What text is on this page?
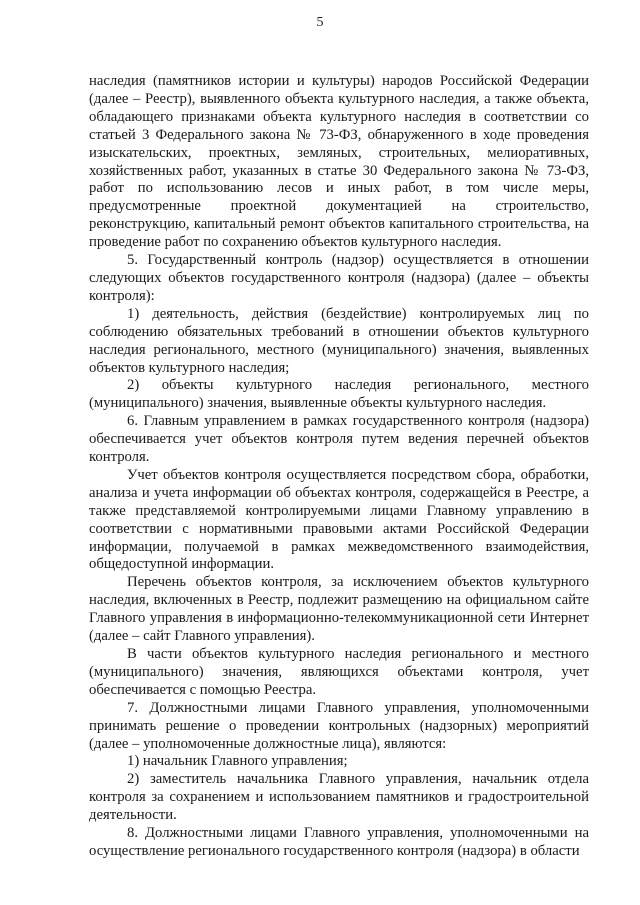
5

наследия (памятников истории и культуры) народов Российской Федерации (далее – Реестр), выявленного объекта культурного наследия, а также объекта, обладающего признаками объекта культурного наследия в соответствии со статьей 3 Федерального закона № 73-ФЗ, обнаруженного в ходе проведения изыскательских, проектных, земляных, строительных, мелиоративных, хозяйственных работ, указанных в статье 30 Федерального закона № 73-ФЗ, работ по использованию лесов и иных работ, в том числе меры, предусмотренные проектной документацией на строительство, реконструкцию, капитальный ремонт объектов капитального строительства, на проведение работ по сохранению объектов культурного наследия.

5. Государственный контроль (надзор) осуществляется в отношении следующих объектов государственного контроля (надзора) (далее – объекты контроля):

1) деятельность, действия (бездействие) контролируемых лиц по соблюдению обязательных требований в отношении объектов культурного наследия регионального, местного (муниципального) значения, выявленных объектов культурного наследия;

2) объекты культурного наследия регионального, местного (муниципального) значения, выявленные объекты культурного наследия.

6. Главным управлением в рамках государственного контроля (надзора) обеспечивается учет объектов контроля путем ведения перечней объектов контроля.

Учет объектов контроля осуществляется посредством сбора, обработки, анализа и учета информации об объектах контроля, содержащейся в Реестре, а также представляемой контролируемыми лицами Главному управлению в соответствии с нормативными правовыми актами Российской Федерации информации, получаемой в рамках межведомственного взаимодействия, общедоступной информации.

Перечень объектов контроля, за исключением объектов культурного наследия, включенных в Реестр, подлежит размещению на официальном сайте Главного управления в информационно-телекоммуникационной сети Интернет (далее – сайт Главного управления).

В части объектов культурного наследия регионального и местного (муниципального) значения, являющихся объектами контроля, учет обеспечивается с помощью Реестра.

7. Должностными лицами Главного управления, уполномоченными принимать решение о проведении контрольных (надзорных) мероприятий (далее – уполномоченные должностные лица), являются:

1) начальник Главного управления;

2) заместитель начальника Главного управления, начальник отдела контроля за сохранением и использованием памятников и градостроительной деятельности.

8. Должностными лицами Главного управления, уполномоченными на осуществление регионального государственного контроля (надзора) в области
